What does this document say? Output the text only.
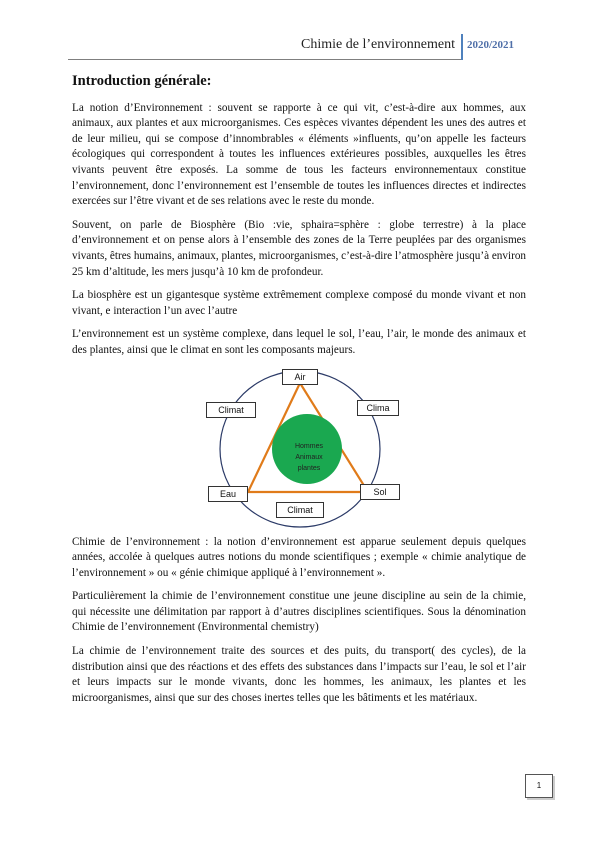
Chimie de l’environnement 2020/2021
Introduction générale:

La notion d’Environnement : souvent se rapporte à ce qui vit, c’est-à-dire aux hommes, aux animaux, aux plantes et aux microorganismes. Ces espèces vivantes dépendent les unes des autres et de leur milieu, qui se compose d’innombrables « éléments »influents, qu’on appelle les facteurs écologiques qui correspondent à toutes les influences extérieures possibles, auxquelles les êtres vivants peuvent être exposés. La somme de tous les facteurs environnementaux constitue l’environnement, donc l’environnement est l’ensemble de toutes les influences directes et indirectes exercées sur l’être vivant et de ses relations avec le reste du monde.

Souvent, on parle de Biosphère (Bio :vie, sphaira=sphère : globe terrestre) à la place d’environnement et on pense alors à l’ensemble des zones de la Terre peuplées par des organismes vivants, êtres humains, animaux, plantes, microorganismes, c’est-à-dire l’atmosphère jusqu’à environ 25 km d’altitude, les mers jusqu’à 10 km de profondeur.

La biosphère est un gigantesque système extrêmement complexe composé du monde vivant et non vivant, e interaction l’un avec l’autre

L’environnement est un système complexe, dans lequel le sol, l’eau, l’air, le monde des animaux et des plantes, ainsi que le climat en sont les composants majeurs.

Hommes
Animaux
plantes
Air
Climat	Clima
Eau	Sol
Climat

Chimie de l’environnement : la notion d’environnement est apparue seulement depuis quelques années, accolée à quelques autres notions du monde scientifiques ; exemple « chimie analytique de l’environnement » ou « génie chimique appliqué à l’environnement ».

Particulièrement la chimie de l’environnement constitue une jeune discipline au sein de la chimie, qui nécessite une délimitation par rapport à d’autres disciplines scientifiques. Sous la dénomination Chimie de l’environnement (Environmental chemistry)

La chimie de l’environnement traite des sources et des puits, du transport( des cycles), de la distribution ainsi que des réactions et des effets des substances dans l’impacts sur l’eau, le sol et l’air et leurs impacts sur le monde vivants, donc les hommes, les animaux, les plantes et les microorganismes, ainsi que sur des choses inertes telles que les bâtiments et les matériaux.

1
